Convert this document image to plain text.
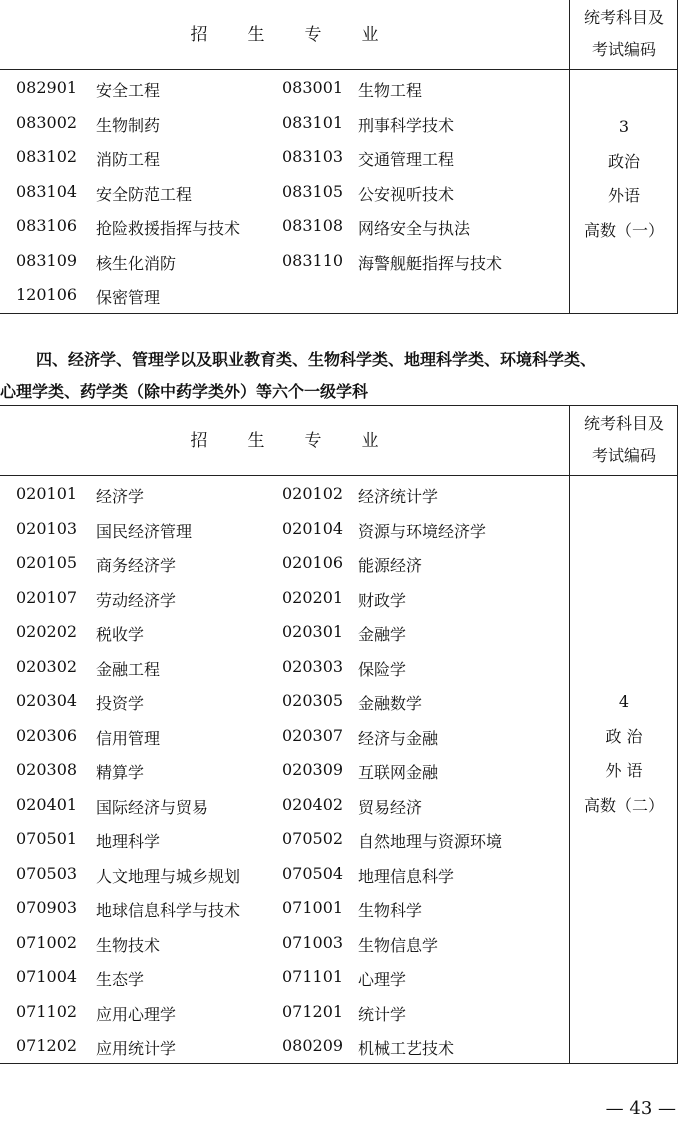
招生专业
统考科目及
考试编码
082901 安全工程	083001 生物工程
083002 生物制药	083101 刑事科学技术
083102 消防工程	083103 交通管理工程
083104 安全防范工程	083105 公安视听技术
083106 抢险救援指挥与技术	083108 网络安全与执法
083109 核生化消防	083110 海警舰艇指挥与技术
120106 保密管理
3
政治
外语
高数（一）
四、经济学、管理学以及职业教育类、生物科学类、地理科学类、环境科学类、
心理学类、药学类（除中药学类外）等六个一级学科
招生专业
统考科目及
考试编码
020101 经济学	020102 经济统计学
020103 国民经济管理	020104 资源与环境经济学
020105 商务经济学	020106 能源经济
020107 劳动经济学	020201 财政学
020202 税收学	020301 金融学
020302 金融工程	020303 保险学
020304 投资学	020305 金融数学
020306 信用管理	020307 经济与金融
020308 精算学	020309 互联网金融
020401 国际经济与贸易	020402 贸易经济
070501 地理科学	070502 自然地理与资源环境
070503 人文地理与城乡规划	070504 地理信息科学
070903 地球信息科学与技术	071001 生物科学
071002 生物技术	071003 生物信息学
071004 生态学	071101 心理学
071102 应用心理学	071201 统计学
071202 应用统计学	080209 机械工艺技术
4
政 治
外 语
高数（二）
— 43 —
